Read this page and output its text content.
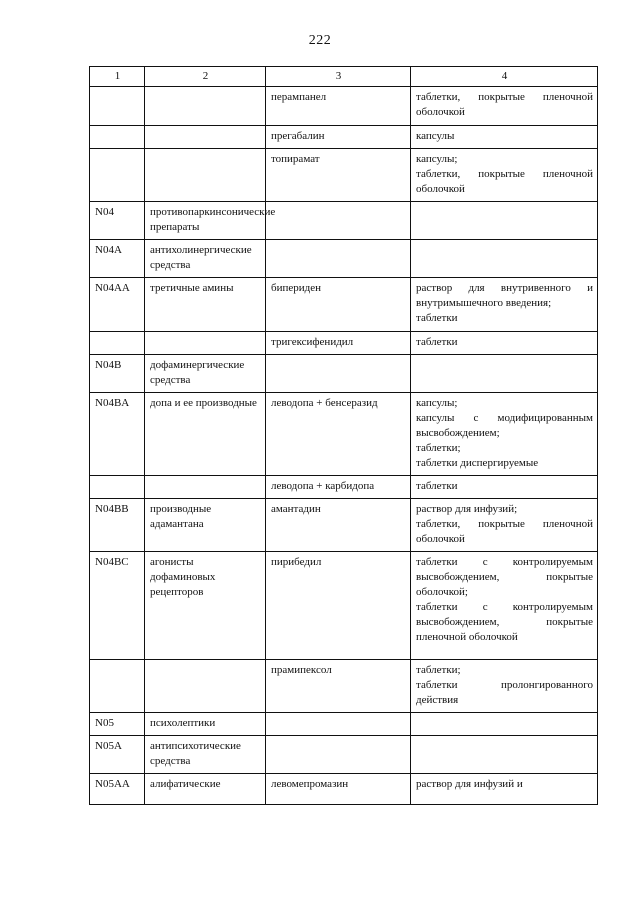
222
1	2	3	4
		перампанел	таблетки, покрытые пленочной оболочкой
		прегабалин	капсулы
		топирамат	капсулы;
таблетки, покрытые пленочной оболочкой
N04	противопаркинсонические препараты		
N04A	антихолинергические средства		
N04AA	третичные амины	бипериден	раствор для внутривенного и внутримышечного введения;
таблетки
		тригексифенидил	таблетки
N04B	дофаминергические средства		
N04BA	допа и ее производные	леводопа + бенсеразид	капсулы;
капсулы с модифицированным высвобождением;
таблетки;
таблетки диспергируемые
		леводопа + карбидопа	таблетки
N04BB	производные адамантана	амантадин	раствор для инфузий;
таблетки, покрытые пленочной оболочкой
N04BC	агонисты дофаминовых рецепторов	пирибедил	таблетки с контролируемым высвобождением, покрытые оболочкой;
таблетки с контролируемым высвобождением, покрытые пленочной оболочкой
		прамипексол	таблетки;
таблетки пролонгированного действия
N05	психолептики		
N05A	антипсихотические средства		
N05AA	алифатические	левомепромазин	раствор для инфузий и
